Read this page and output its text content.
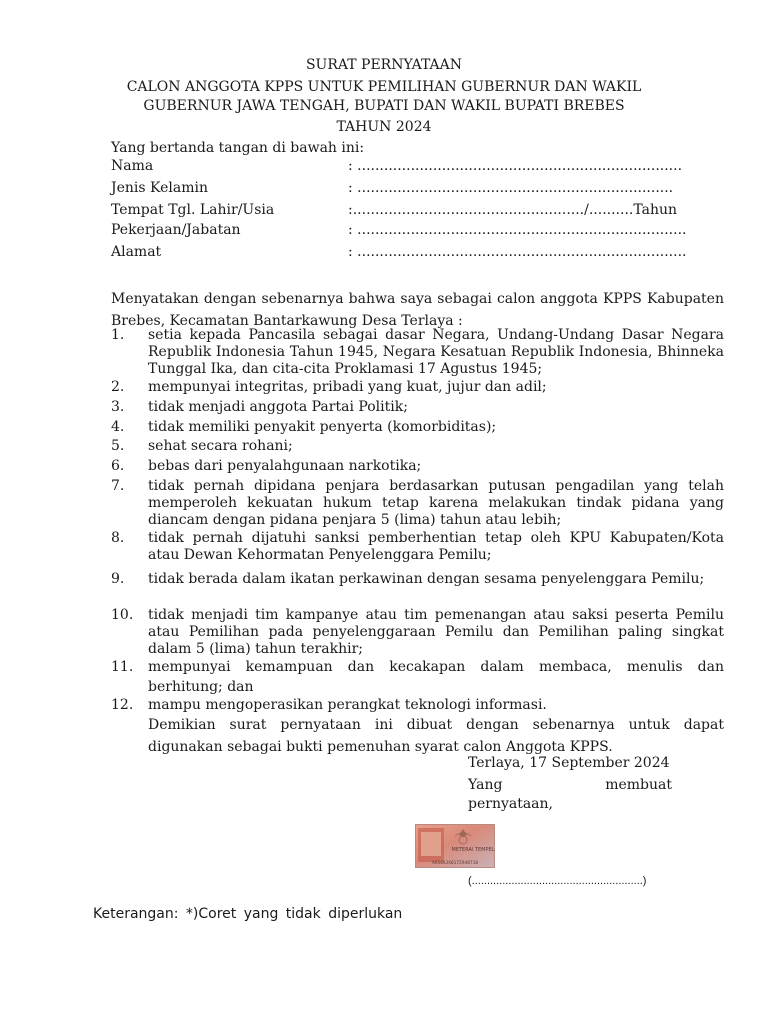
SURAT PERNYATAAN
CALON ANGGOTA KPPS UNTUK PEMILIHAN GUBERNUR DAN WAKIL
GUBERNUR JAWA TENGAH, BUPATI DAN WAKIL BUPATI BREBES
TAHUN 2024
Yang bertanda tangan di bawah ini:
Nama	: .........................................................................
Jenis Kelamin	: .......................................................................
Tempat Tgl. Lahir/Usia	:..................................................../..........Tahun
Pekerjaan/Jabatan	: ..........................................................................
Alamat	: ..........................................................................
Menyatakan dengan sebenarnya bahwa saya sebagai calon anggota KPPS Kabupaten Brebes, Kecamatan Bantarkawung Desa Terlaya :
1. setia kepada Pancasila sebagai dasar Negara, Undang-Undang Dasar Negara Republik Indonesia Tahun 1945, Negara Kesatuan Republik Indonesia, Bhinneka Tunggal Ika, dan cita-cita Proklamasi 17 Agustus 1945;
2. mempunyai integritas, pribadi yang kuat, jujur dan adil;
3. tidak menjadi anggota Partai Politik;
4. tidak memiliki penyakit penyerta (komorbiditas);
5. sehat secara rohani;
6. bebas dari penyalahgunaan narkotika;
7. tidak pernah dipidana penjara berdasarkan putusan pengadilan yang telah memperoleh kekuatan hukum tetap karena melakukan tindak pidana yang diancam dengan pidana penjara 5 (lima) tahun atau lebih;
8. tidak pernah dijatuhi sanksi pemberhentian tetap oleh KPU Kabupaten/Kota atau Dewan Kehormatan Penyelenggara Pemilu;
9. tidak berada dalam ikatan perkawinan dengan sesama penyelenggara Pemilu;
10. tidak menjadi tim kampanye atau tim pemenangan atau saksi peserta Pemilu atau Pemilihan pada penyelenggaraan Pemilu dan Pemilihan paling singkat dalam 5 (lima) tahun terakhir;
11. mempunyai kemampuan dan kecakapan dalam membaca, menulis dan berhitung; dan
12. mampu mengoperasikan perangkat teknologi informasi.
Demikian surat pernyataan ini dibuat dengan sebenarnya untuk dapat digunakan sebagai bukti pemenuhan syarat calon Anggota KPPS.
Terlaya, 17 September 2024
Yang membuat
pernyataan,
METERAI TEMPEL
AAS4AJX0172948710
(........................................................)
Keterangan: *)Coret yang tidak diperlukan
